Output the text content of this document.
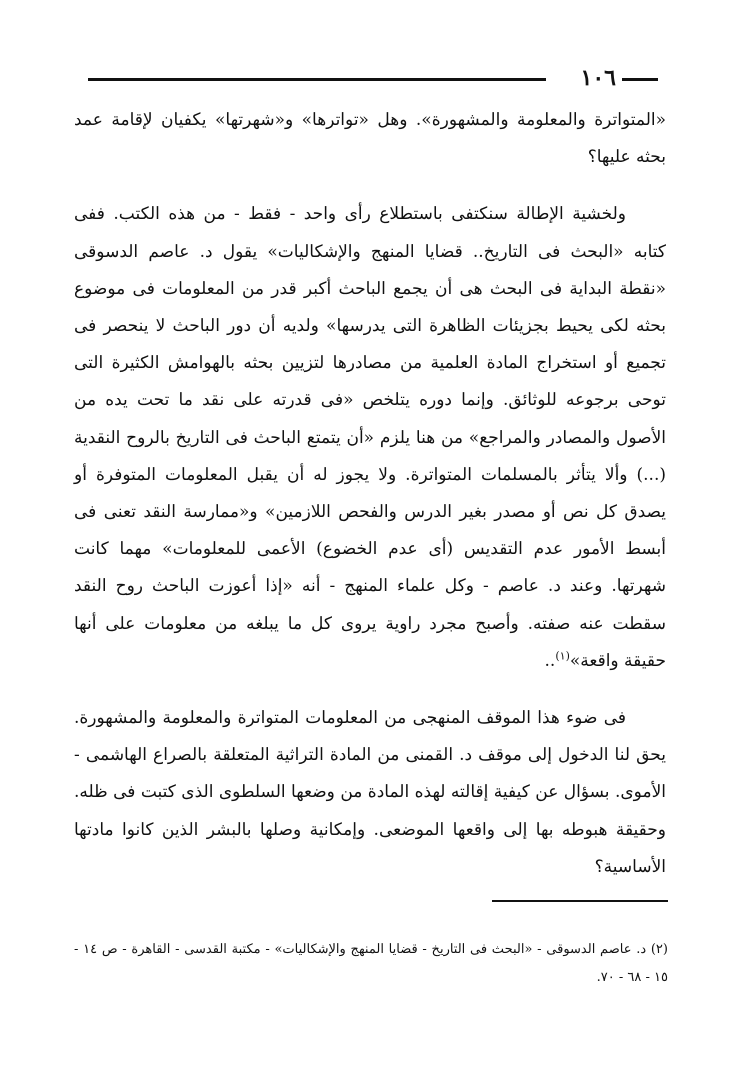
١٠٦

«المتواترة والمعلومة والمشهورة». وهل «تواترها» و«شهرتها» يكفيان لإقامة عمد بحثه عليها؟

ولخشية الإطالة سنكتفى باستطلاع رأى واحد - فقط - من هذه الكتب. ففى كتابه «البحث فى التاريخ.. قضايا المنهج والإشكاليات» يقول د. عاصم الدسوقى «نقطة البداية فى البحث هى أن يجمع الباحث أكبر قدر من المعلومات فى موضوع بحثه لكى يحيط بجزيئات الظاهرة التى يدرسها» ولديه أن دور الباحث لا ينحصر فى تجميع أو استخراج المادة العلمية من مصادرها لتزيين بحثه بالهوامش الكثيرة التى توحى برجوعه للوثائق. وإنما دوره يتلخص «فى قدرته على نقد ما تحت يده من الأصول والمصادر والمراجع» من هنا يلزم «أن يتمتع الباحث فى التاريخ بالروح النقدية (...) وألا يتأثر بالمسلمات المتواترة. ولا يجوز له أن يقبل المعلومات المتوفرة أو يصدق كل نص أو مصدر بغير الدرس والفحص اللازمين» و«ممارسة النقد تعنى فى أبسط الأمور عدم التقديس (أى عدم الخضوع) الأعمى للمعلومات» مهما كانت شهرتها. وعند د. عاصم - وكل علماء المنهج - أنه «إذا أعوزت الباحث روح النقد سقطت عنه صفته. وأصبح مجرد راوية يروى كل ما يبلغه من معلومات على أنها حقيقة واقعة»$^{(١)}$..

فى ضوء هذا الموقف المنهجى من المعلومات المتواترة والمعلومة والمشهورة. يحق لنا الدخول إلى موقف د. القمنى من المادة التراثية المتعلقة بالصراع الهاشمى - الأموى. بسؤال عن كيفية إقالته لهذه المادة من وضعها السلطوى الذى كتبت فى ظله. وحقيقة هبوطه بها إلى واقعها الموضعى. وإمكانية وصلها بالبشر الذين كانوا مادتها الأساسية؟

(٢) د. عاصم الدسوقى - «البحث فى التاريخ - قضايا المنهج والإشكاليات» - مكتبة القدسى - القاهرة - ص ١٤ - ١٥ - ٦٨ - ٧٠.
